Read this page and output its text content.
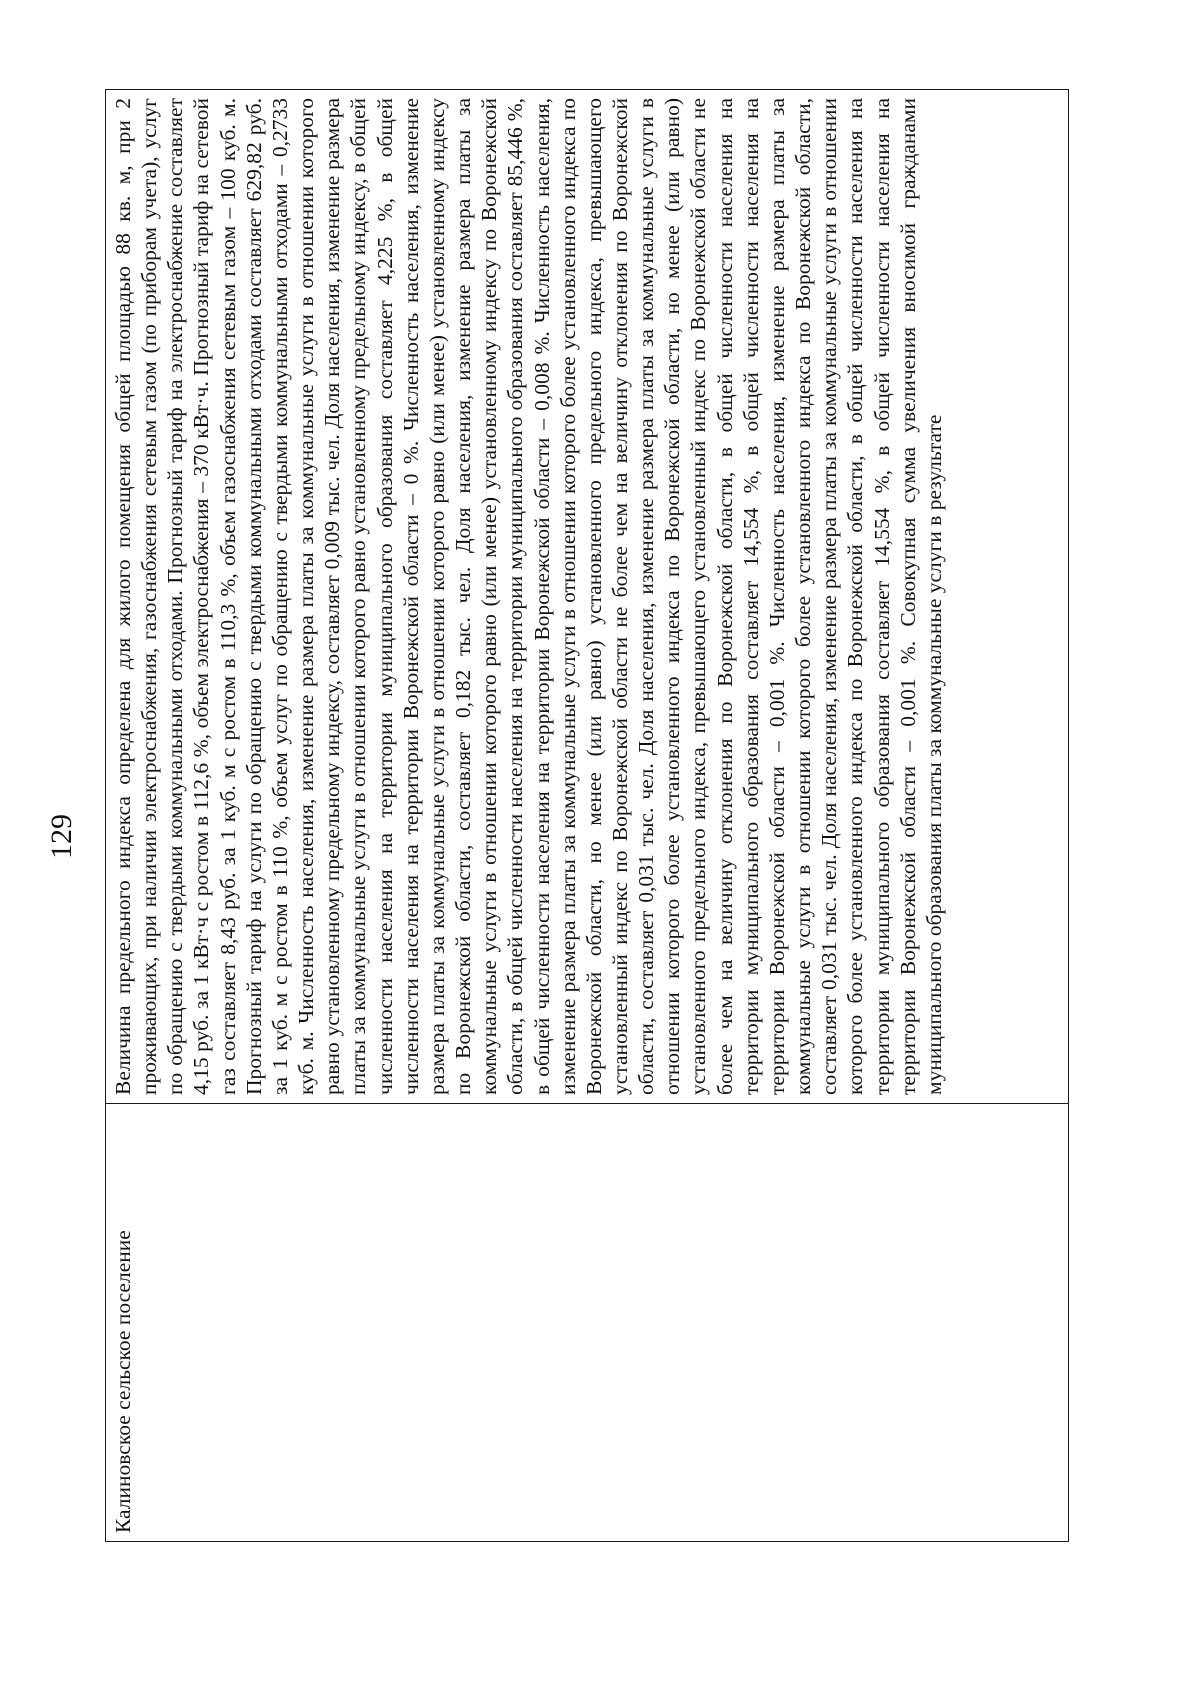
129
Калиновское сельское поселение	
Величина предельного индекса определена для жилого помещения общей площадью 88 кв. м, при 2 проживающих, при наличии электроснабжения, газоснабжения сетевым газом (по приборам учета), услуг по обращению с твердыми коммунальными отходами. Прогнозный тариф на электроснабжение составляет 4,15 руб. за 1 кВт·ч с ростом в 112,6 %, объем электроснабжения – 370 кВт·ч. Прогнозный тариф на сетевой газ составляет 8,43 руб. за 1 куб. м с ростом в 110,3 %, объем газоснабжения сетевым газом – 100 куб. м. Прогнозный тариф на услуги по обращению с твердыми коммунальными отходами составляет 629,82 руб. за 1 куб. м с ростом в 110 %, объем услуг по обращению с твердыми коммунальными отходами – 0,2733 куб. м. Численность населения, изменение размера платы за коммунальные услуги в отношении которого равно установленному предельному индексу, составляет 0,009 тыс. чел. Доля населения, изменение размера платы за коммунальные услуги в отношении которого равно установленному предельному индексу, в общей численности населения на территории муниципального образования составляет 4,225 %, в общей численности населения на территории Воронежской области – 0 %. Численность населения, изменение размера платы за коммунальные услуги в отношении которого равно (или менее) установленному индексу по Воронежской области, составляет 0,182 тыс. чел. Доля населения, изменение размера платы за коммунальные услуги в отношении которого равно (или менее) установленному индексу по Воронежской области, в общей численности населения на территории муниципального образования составляет 85,446 %, в общей численности населения на территории Воронежской области – 0,008 %. Численность населения, изменение размера платы за коммунальные услуги в отношении которого более установленного индекса по Воронежской области, но менее (или равно) установленного предельного индекса, превышающего установленный индекс по Воронежской области не более чем на величину отклонения по Воронежской области, составляет 0,031 тыс. чел. Доля населения, изменение размера платы за коммунальные услуги в отношении которого более установленного индекса по Воронежской области, но менее (или равно) установленного предельного индекса, превышающего установленный индекс по Воронежской области не более чем на величину отклонения по Воронежской области, в общей численности населения на территории муниципального образования составляет 14,554 %, в общей численности населения на территории Воронежской области – 0,001 %. Численность населения, изменение размера платы за коммунальные услуги в отношении которого более установленного индекса по Воронежской области, составляет 0,031 тыс. чел. Доля населения, изменение размера платы за коммунальные услуги в отношении которого более установленного индекса по Воронежской области, в общей численности населения на территории муниципального образования составляет 14,554 %, в общей численности населения на территории Воронежской области – 0,001 %. Совокупная сумма увеличения вносимой гражданами муниципального образования платы за коммунальные услуги в результате
